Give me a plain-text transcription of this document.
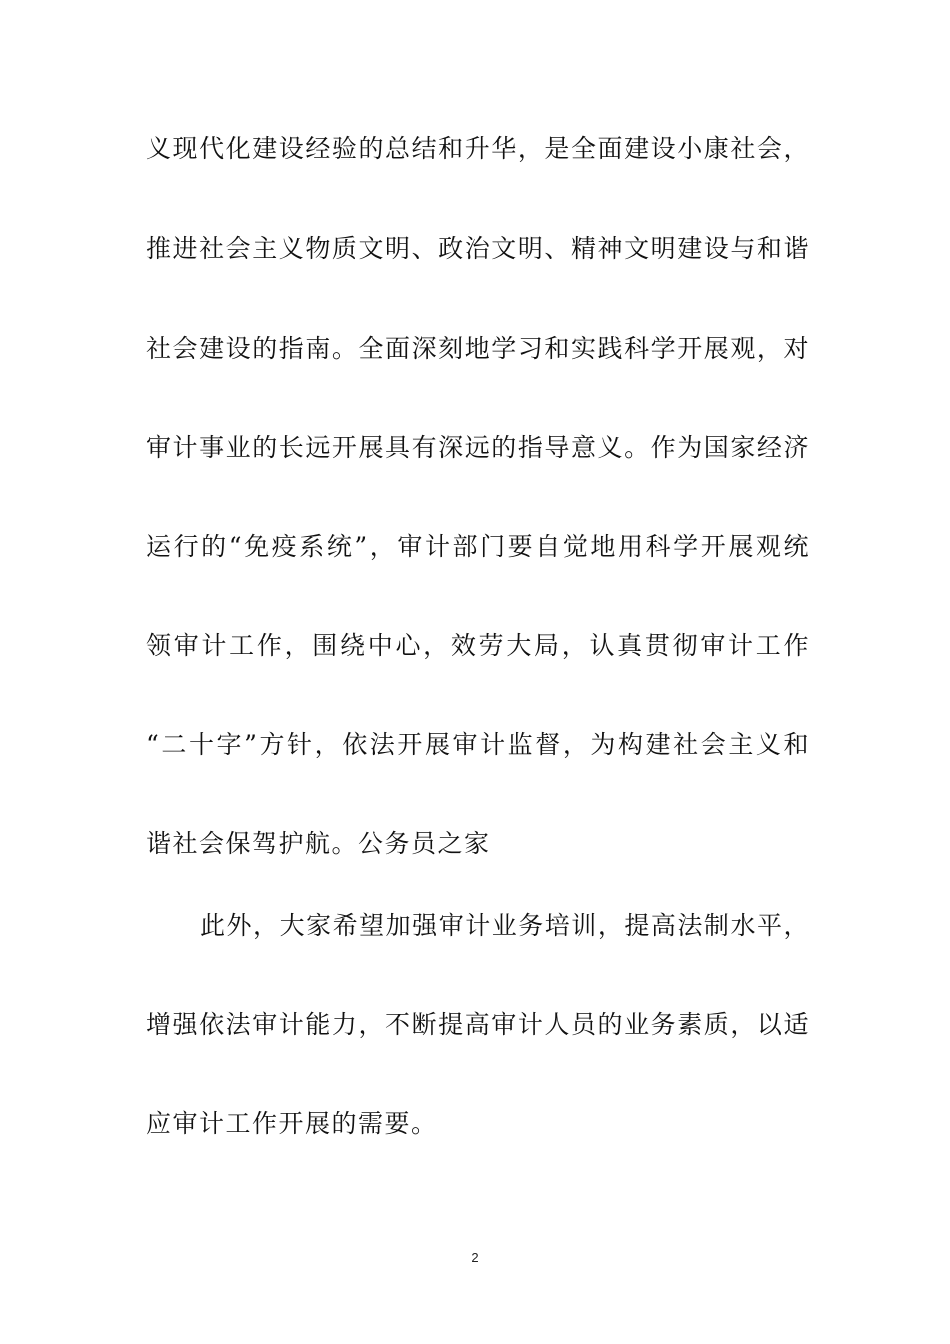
义现代化建设经验的总结和升华，是全面建设小康社会，
推进社会主义物质文明、政治文明、精神文明建设与和谐
社会建设的指南。全面深刻地学习和实践科学开展观，对
审计事业的长远开展具有深远的指导意义。作为国家经济
运行的“免疫系统”，审计部门要自觉地用科学开展观统
领审计工作，围绕中心，效劳大局，认真贯彻审计工作
“二十字”方针，依法开展审计监督，为构建社会主义和
谐社会保驾护航。公务员之家
此外，大家希望加强审计业务培训，提高法制水平，
增强依法审计能力，不断提高审计人员的业务素质，以适
应审计工作开展的需要。
2
